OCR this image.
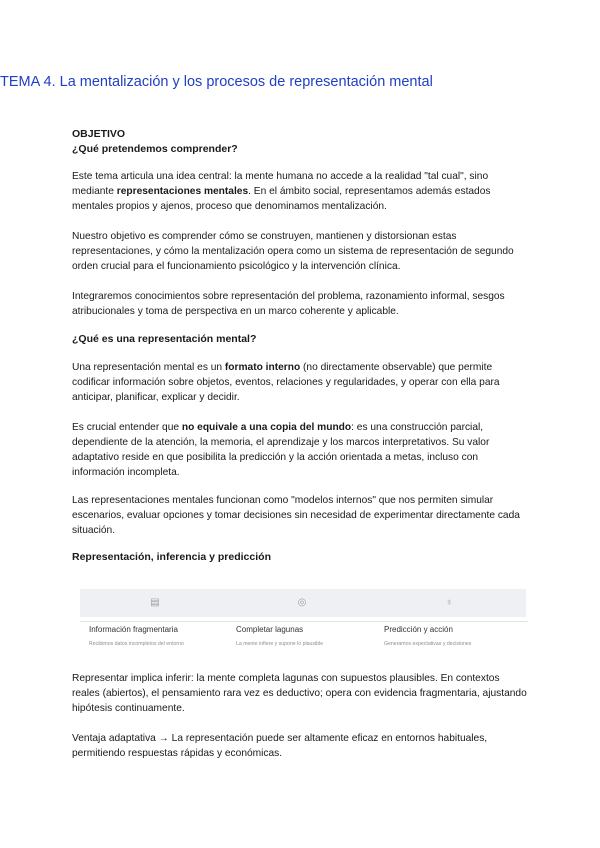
TEMA 4. La mentalización y los procesos de representación mental

OBJETIVO

¿Qué pretendemos comprender?

Este tema articula una idea central: la mente humana no accede a la realidad "tal cual", sino mediante representaciones mentales. En el ámbito social, representamos además estados mentales propios y ajenos, proceso que denominamos mentalización.

Nuestro objetivo es comprender cómo se construyen, mantienen y distorsionan estas representaciones, y cómo la mentalización opera como un sistema de representación de segundo orden crucial para el funcionamiento psicológico y la intervención clínica.

Integraremos conocimientos sobre representación del problema, razonamiento informal, sesgos atribucionales y toma de perspectiva en un marco coherente y aplicable.

¿Qué es una representación mental?

Una representación mental es un formato interno (no directamente observable) que permite codificar información sobre objetos, eventos, relaciones y regularidades, y operar con ella para anticipar, planificar, explicar y decidir.

Es crucial entender que no equivale a una copia del mundo: es una construcción parcial, dependiente de la atención, la memoria, el aprendizaje y los marcos interpretativos. Su valor adaptativo reside en que posibilita la predicción y la acción orientada a metas, incluso con información incompleta.

Las representaciones mentales funcionan como "modelos internos" que nos permiten simular escenarios, evaluar opciones y tomar decisiones sin necesidad de experimentar directamente cada situación.

Representación, inferencia y predicción

Representar implica inferir: la mente completa lagunas con supuestos plausibles. En contextos reales (abiertos), el pensamiento rara vez es deductivo; opera con evidencia fragmentaria, ajustando hipótesis continuamente.

Ventaja adaptativa → La representación puede ser altamente eficaz en entornos habituales, permitiendo respuestas rápidas y económicas.

▤	◎	♁
Información fragmentaria
Recibimos datos incompletos del entorno
Completar lagunas
La mente infiere y supone lo plausible
Predicción y acción
Generamos expectativas y decisiones
